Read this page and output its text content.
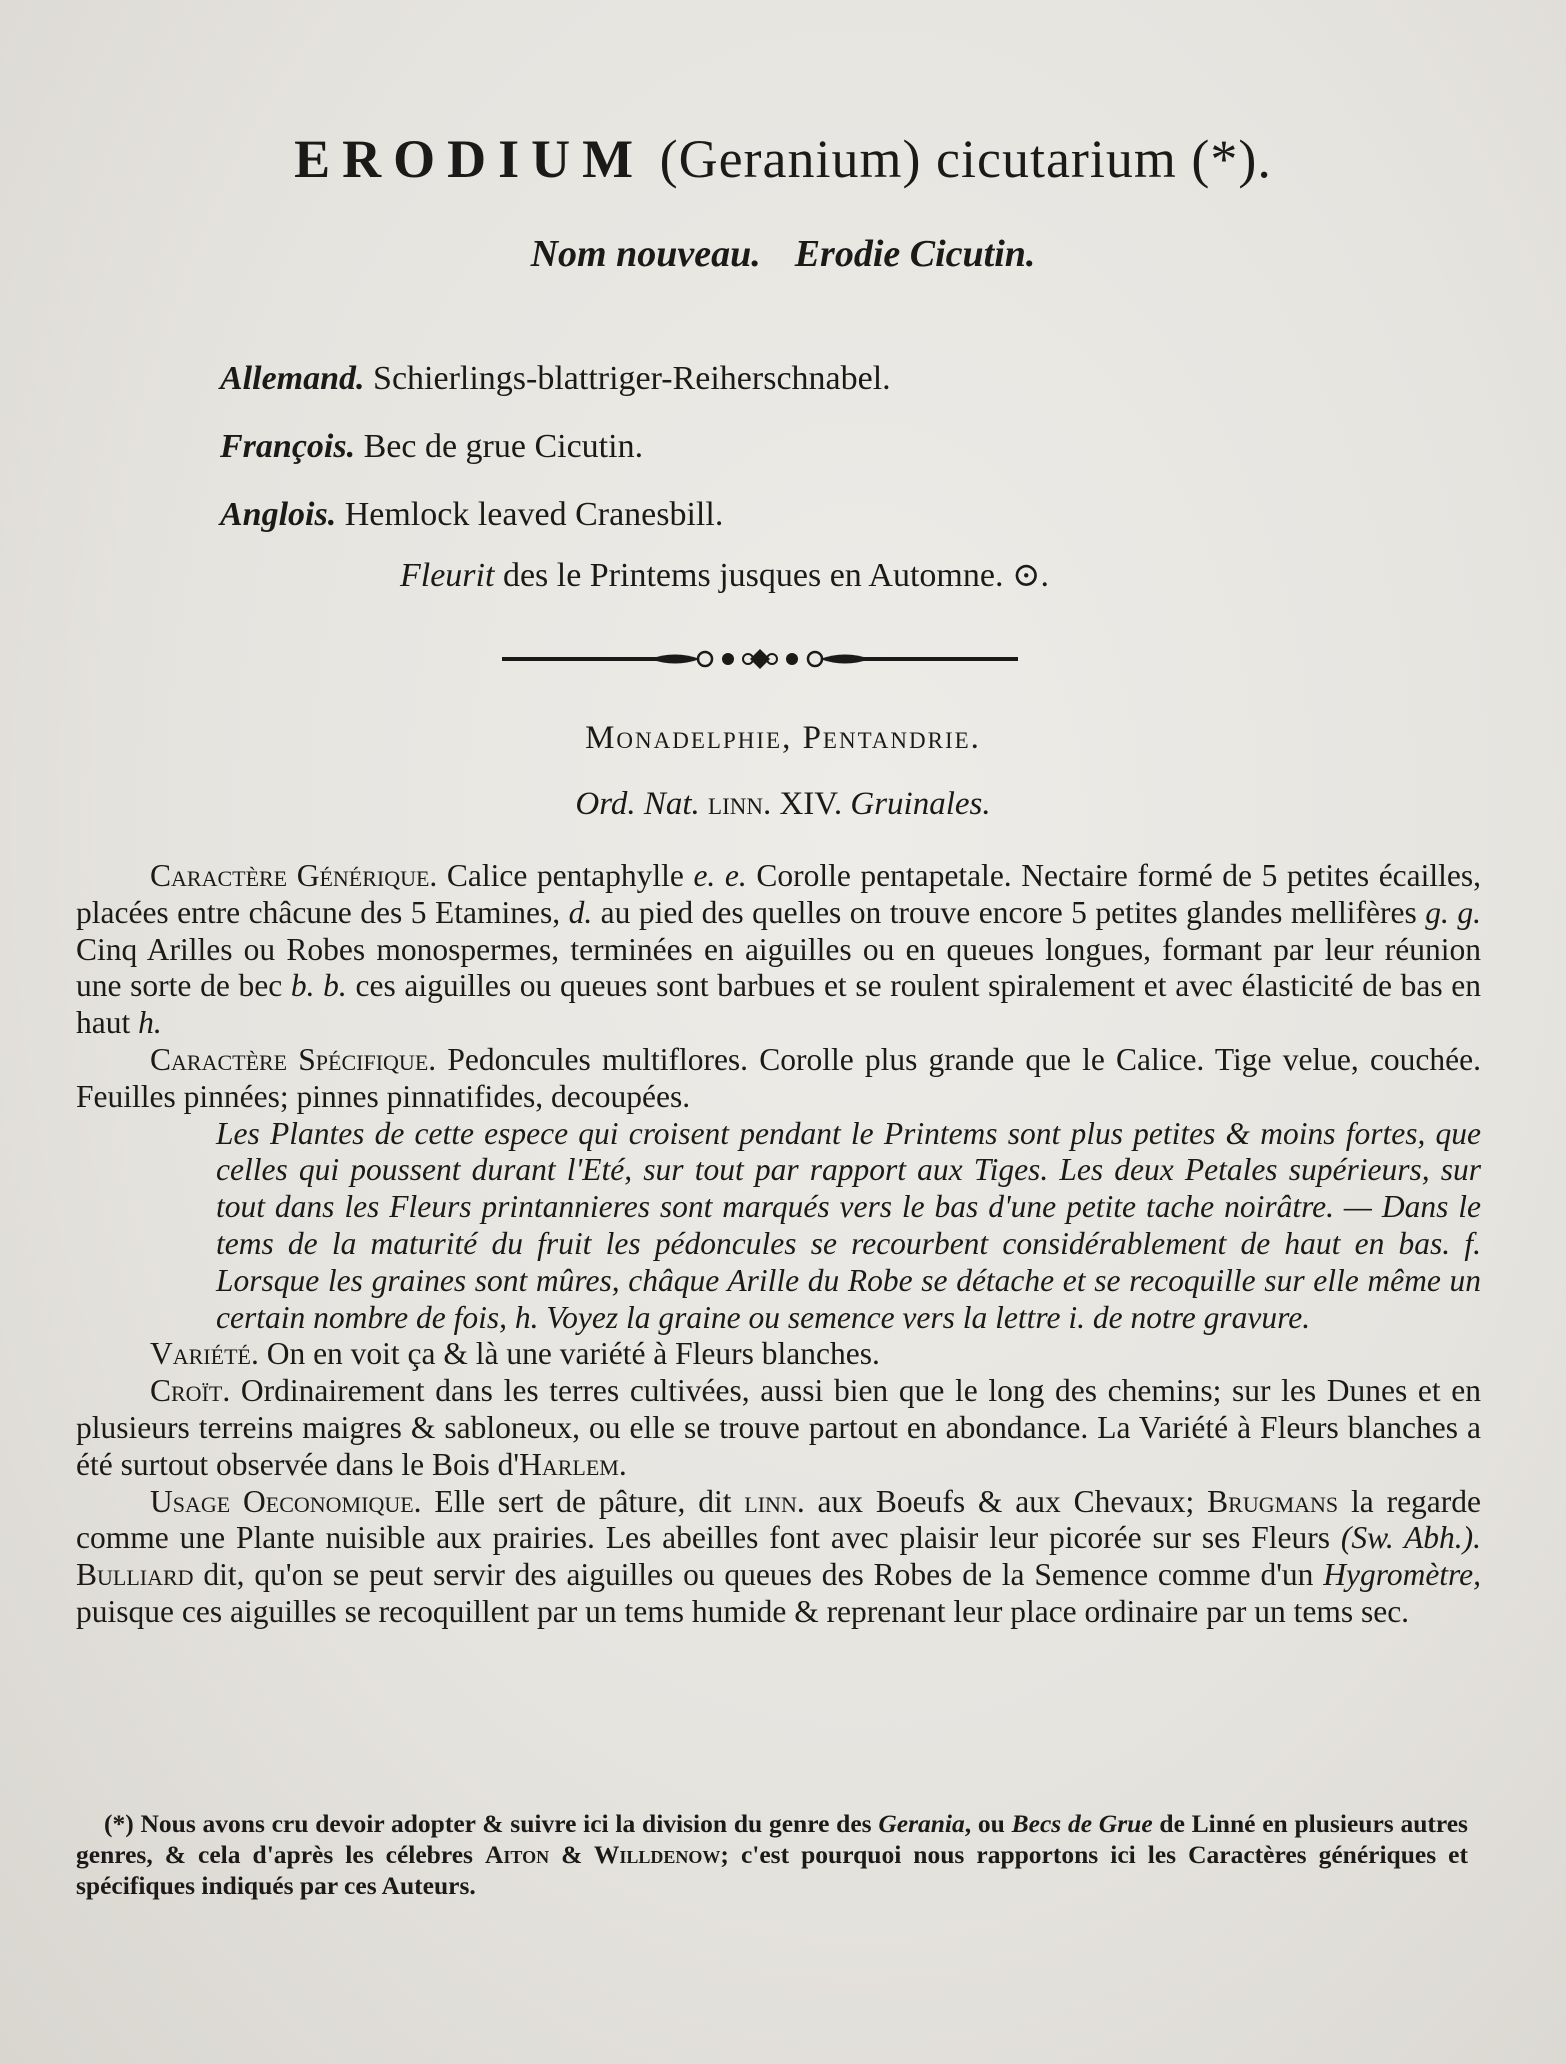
ERODIUM (Geranium) cicutarium (*).
Nom nouveau. Erodie Cicutin.
Allemand. Schierlings-blattriger-Reiherschnabel.
François. Bec de grue Cicutin.
Anglois. Hemlock leaved Cranesbill.
Fleurit des le Printems jusques en Automne. ⊙.
Monadelphie, Pentandrie.
Ord. Nat. linn. XIV. Gruinales.

Caractère Générique. Calice pentaphylle e. e. Corolle pentapetale. Nectaire formé de 5 petites écailles, placées entre châcune des 5 Etamines, d. au pied des quelles on trouve encore 5 petites glandes mellifères g. g. Cinq Arilles ou Robes monospermes, terminées en aiguilles ou en queues longues, formant par leur réunion une sorte de bec b. b. ces aiguilles ou queues sont barbues et se roulent spiralement et avec élasticité de bas en haut h.

Caractère Spécifique. Pedoncules multiflores. Corolle plus grande que le Calice. Tige velue, couchée. Feuilles pinnées; pinnes pinnatifides, decoupées.

Les Plantes de cette espece qui croisent pendant le Printems sont plus petites & moins fortes, que celles qui poussent durant l'Eté, sur tout par rapport aux Tiges. Les deux Petales supérieurs, sur tout dans les Fleurs printannieres sont marqués vers le bas d'une petite tache noirâtre. — Dans le tems de la maturité du fruit les pédoncules se recourbent considérablement de haut en bas. f. Lorsque les graines sont mûres, châque Arille du Robe se détache et se recoquille sur elle même un certain nombre de fois, h. Voyez la graine ou semence vers la lettre i. de notre gravure.

Variété. On en voit ça & là une variété à Fleurs blanches.

Croït. Ordinairement dans les terres cultivées, aussi bien que le long des chemins; sur les Dunes et en plusieurs terreins maigres & sabloneux, ou elle se trouve partout en abondance. La Variété à Fleurs blanches a été surtout observée dans le Bois d'Harlem.

Usage Oeconomique. Elle sert de pâture, dit linn. aux Boeufs & aux Chevaux; Brugmans la regarde comme une Plante nuisible aux prairies. Les abeilles font avec plaisir leur picorée sur ses Fleurs (Sw. Abh.). Bulliard dit, qu'on se peut servir des aiguilles ou queues des Robes de la Semence comme d'un Hygromètre, puisque ces aiguilles se recoquillent par un tems humide & reprenant leur place ordinaire par un tems sec.

(*) Nous avons cru devoir adopter & suivre ici la division du genre des Gerania, ou Becs de Grue de Linné en plusieurs autres genres, & cela d'après les célebres Aiton & Willdenow; c'est pourquoi nous rapportons ici les Caractères génériques et spécifiques indiqués par ces Auteurs.
